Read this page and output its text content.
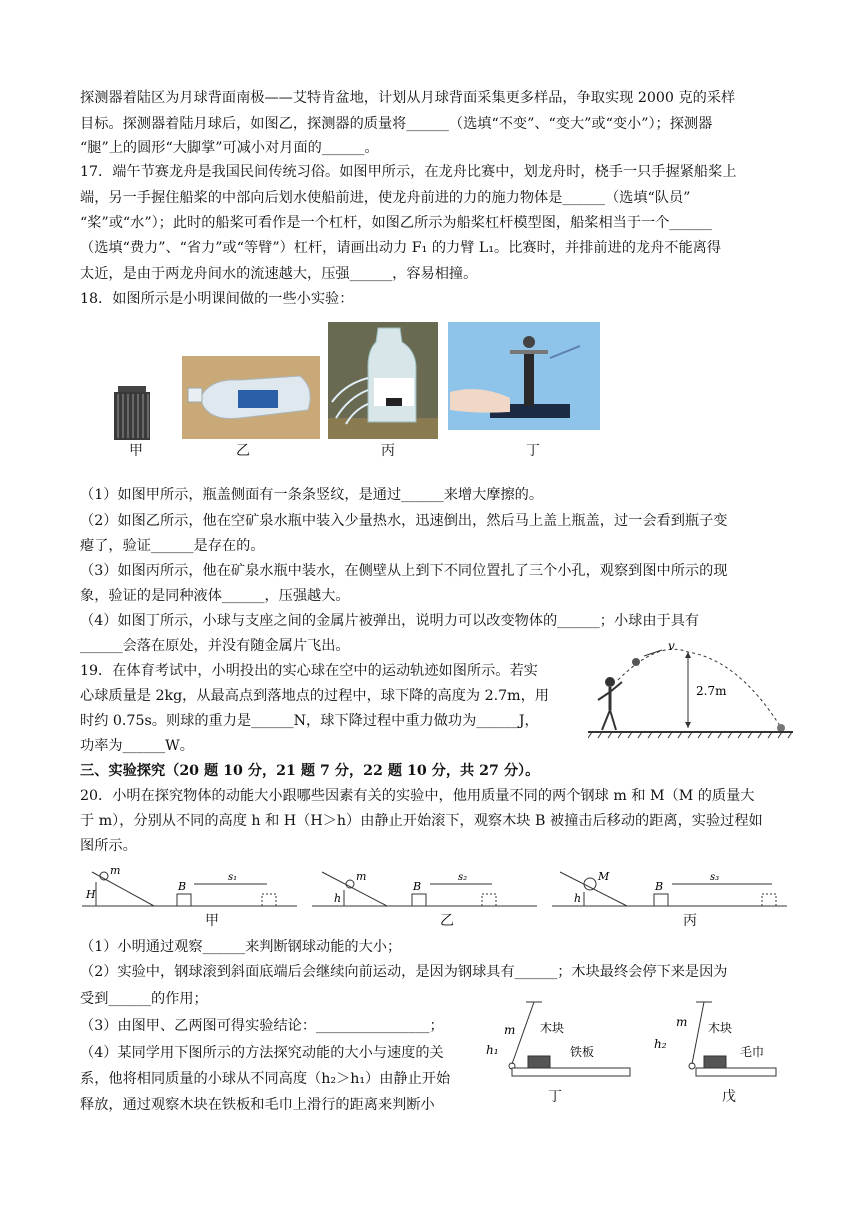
探测器着陆区为月球背面南极——艾特肯盆地，计划从月球背面采集更多样品，争取实现 2000 克的采样
目标。探测器着陆月球后，如图乙，探测器的质量将______（选填“不变”、“变大”或“变小”）；探测器
“腿”上的圆形“大脚掌”可减小对月面的______。
17．端午节赛龙舟是我国民间传统习俗。如图甲所示，在龙舟比赛中，划龙舟时，桡手一只手握紧船桨上
端，另一手握住船桨的中部向后划水使船前进，使龙舟前进的力的施力物体是______（选填“队员”
“桨”或“水”）；此时的船桨可看作是一个杠杆，如图乙所示为船桨杠杆模型图，船桨相当于一个______
（选填“费力”、“省力”或“等臂”）杠杆，请画出动力 F₁ 的力臂 L₁。比赛时，并排前进的龙舟不能离得
太近，是由于两龙舟间水的流速越大，压强______，容易相撞。
18．如图所示是小明课间做的一些小实验：
甲	乙	丙	丁
（1）如图甲所示，瓶盖侧面有一条条竖纹，是通过______来增大摩擦的。
（2）如图乙所示，他在空矿泉水瓶中装入少量热水，迅速倒出，然后马上盖上瓶盖，过一会看到瓶子变
瘪了，验证______是存在的。
（3）如图丙所示，他在矿泉水瓶中装水，在侧壁从上到下不同位置扎了三个小孔，观察到图中所示的现
象，验证的是同种液体______，压强越大。
（4）如图丁所示，小球与支座之间的金属片被弹出，说明力可以改变物体的______；小球由于具有
______会落在原处，并没有随金属片飞出。
19．在体育考试中，小明投出的实心球在空中的运动轨迹如图所示。若实
心球质量是 2kg，从最高点到落地点的过程中，球下降的高度为 2.7m，用
时约 0.75s。则球的重力是______N，球下降过程中重力做功为______J，
功率为______W。
v
2.7m
三、实验探究（20 题 10 分，21 题 7 分，22 题 10 分，共 27 分）。
20．小明在探究物体的动能大小跟哪些因素有关的实验中，他用质量不同的两个钢球 m 和 M（M 的质量大
于 m），分别从不同的高度 h 和 H（H＞h）由静止开始滚下，观察木块 B 被撞击后移动的距离，实验过程如
图所示。
m
H
B
s₁	m
h
B
s₂	M
h
B
s₃
甲	乙	丙
（1）小明通过观察______来判断钢球动能的大小；
（2）实验中，钢球滚到斜面底端后会继续向前运动，是因为钢球具有______；木块最终会停下来是因为
受到______的作用；
（3）由图甲、乙两图可得实验结论：________________；
（4）某同学用下图所示的方法探究动能的大小与速度的关
系，他将相同质量的小球从不同高度（h₂＞h₁）由静止开始
释放，通过观察木块在铁板和毛巾上滑行的距离来判断小
m
h₁
木块
铁板
m
h₂
木块
毛巾
丁	戊
